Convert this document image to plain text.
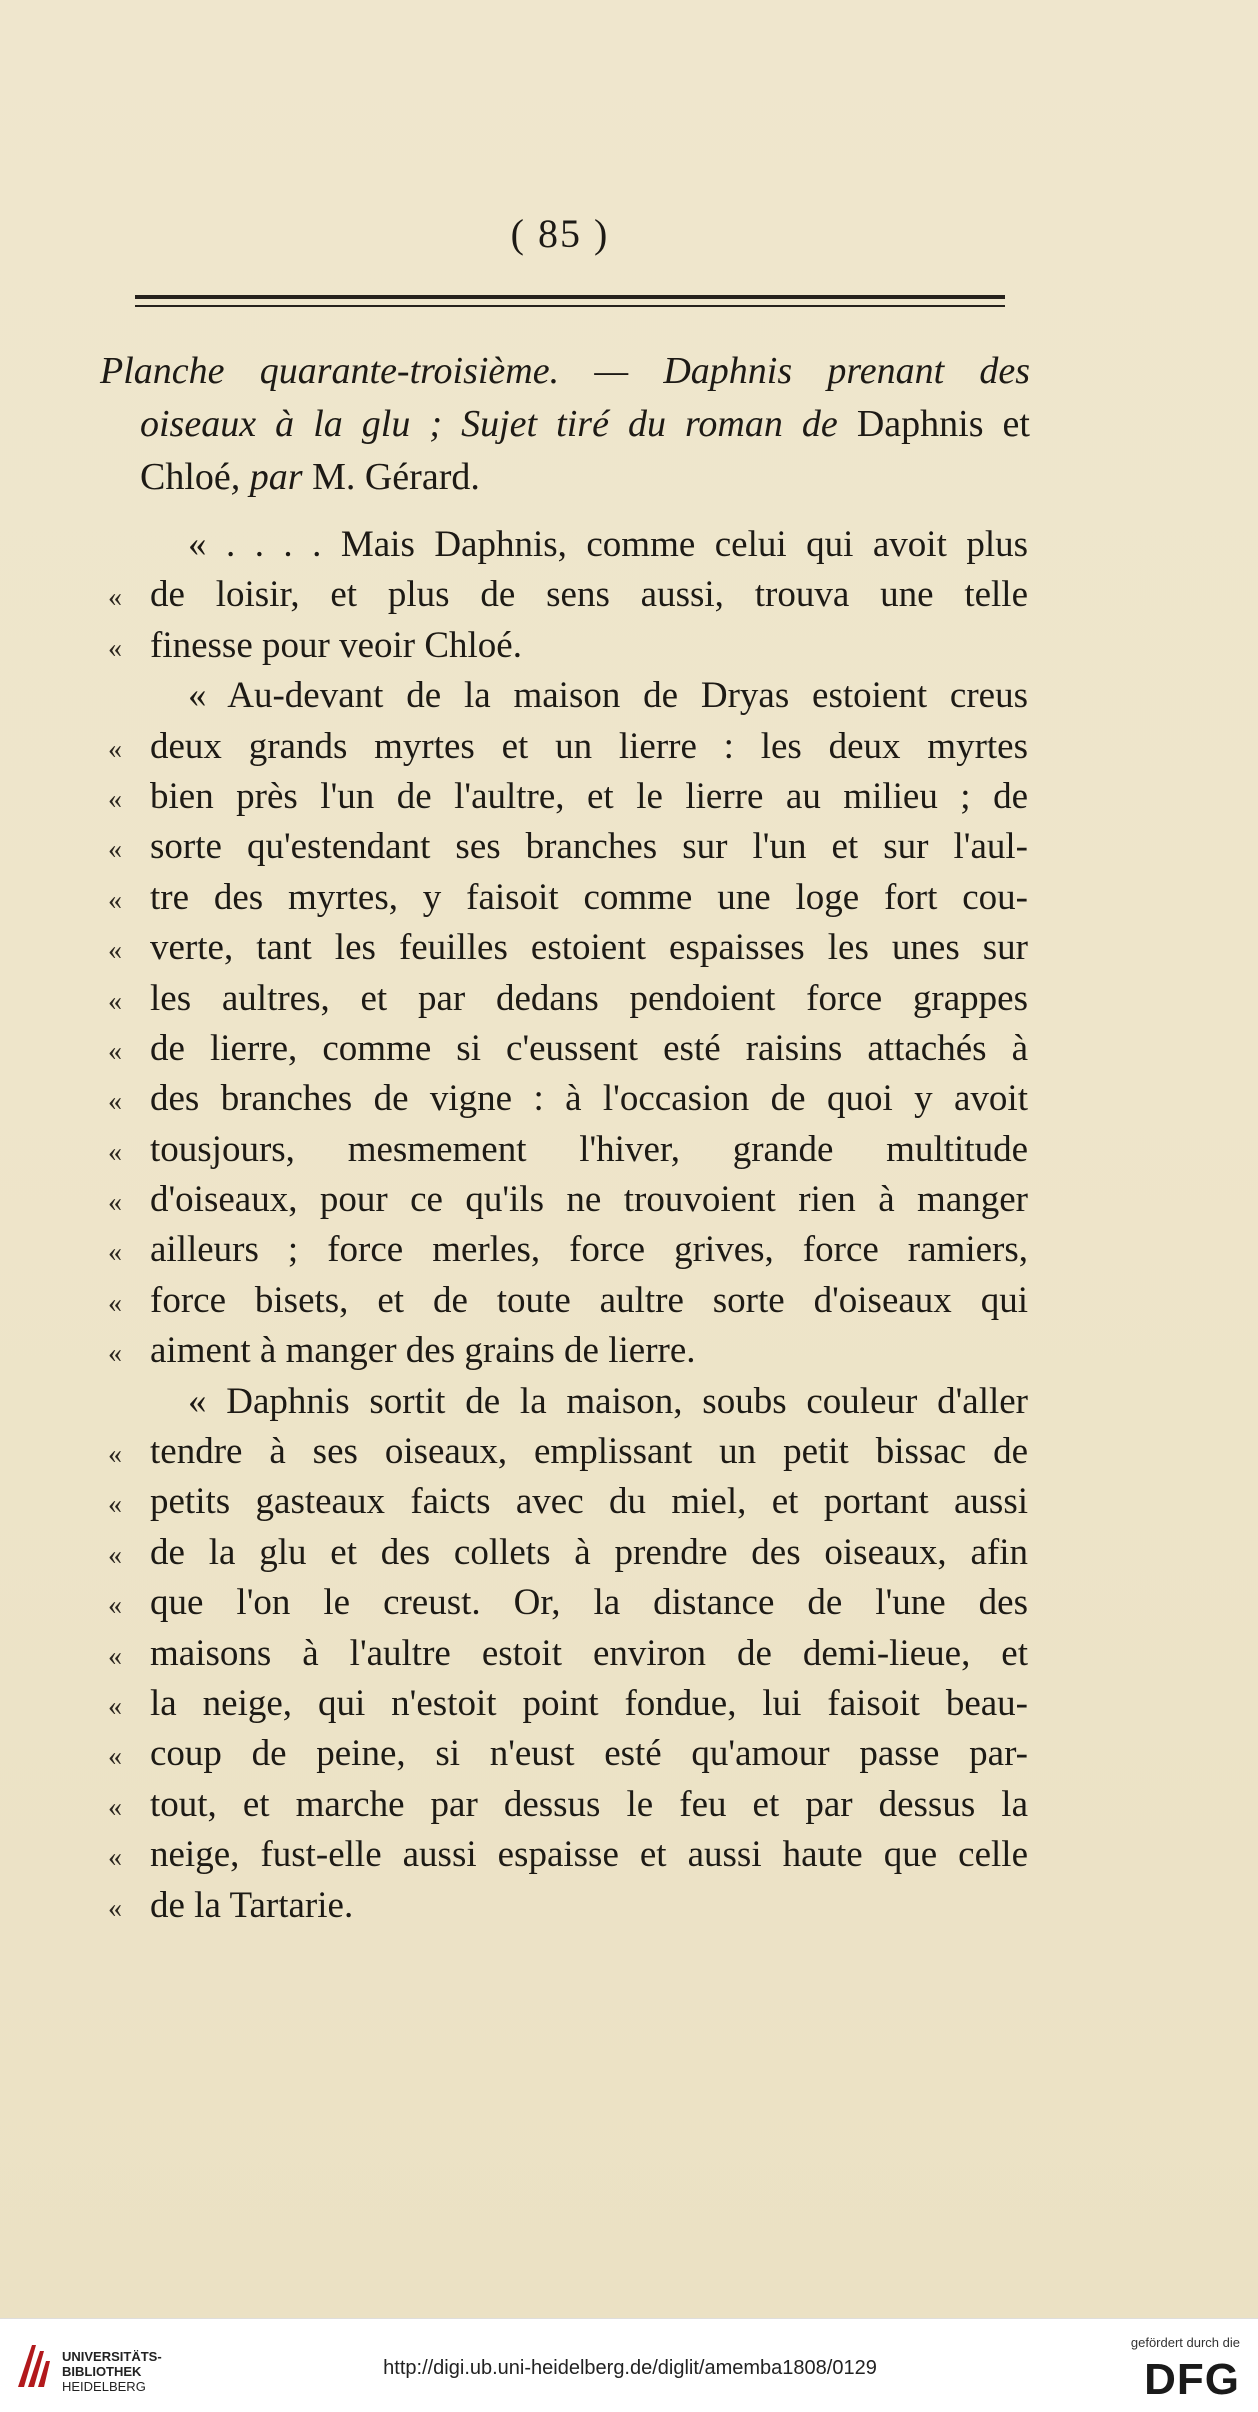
( 85 )
Planche quarante-troisième. — Daphnis prenant des
oiseaux à la glu ; Sujet tiré du roman de Daphnis et
Chloé, par M. Gérard.
« . . . . Mais Daphnis, comme celui qui avoit plus
« de loisir, et plus de sens aussi, trouva une telle
« finesse pour veoir Chloé.
« Au-devant de la maison de Dryas estoient creus
« deux grands myrtes et un lierre : les deux myrtes
« bien près l'un de l'aultre, et le lierre au milieu ; de
« sorte qu'estendant ses branches sur l'un et sur l'aul-
« tre des myrtes, y faisoit comme une loge fort cou-
« verte, tant les feuilles estoient espaisses les unes sur
« les aultres, et par dedans pendoient force grappes
« de lierre, comme si c'eussent esté raisins attachés à
« des branches de vigne : à l'occasion de quoi y avoit
« tousjours, mesmement l'hiver, grande multitude
« d'oiseaux, pour ce qu'ils ne trouvoient rien à manger
« ailleurs ; force merles, force grives, force ramiers,
« force bisets, et de toute aultre sorte d'oiseaux qui
« aiment à manger des grains de lierre.
« Daphnis sortit de la maison, soubs couleur d'aller
« tendre à ses oiseaux, emplissant un petit bissac de
« petits gasteaux faicts avec du miel, et portant aussi
« de la glu et des collets à prendre des oiseaux, afin
« que l'on le creust. Or, la distance de l'une des
« maisons à l'aultre estoit environ de demi-lieue, et
« la neige, qui n'estoit point fondue, lui faisoit beau-
« coup de peine, si n'eust esté qu'amour passe par-
« tout, et marche par dessus le feu et par dessus la
« neige, fust-elle aussi espaisse et aussi haute que celle
« de la Tartarie.
UNIVERSITÄTS-
BIBLIOTHEK
HEIDELBERG
http://digi.ub.uni-heidelberg.de/diglit/amemba1808/0129
gefördert durch die
DFG
